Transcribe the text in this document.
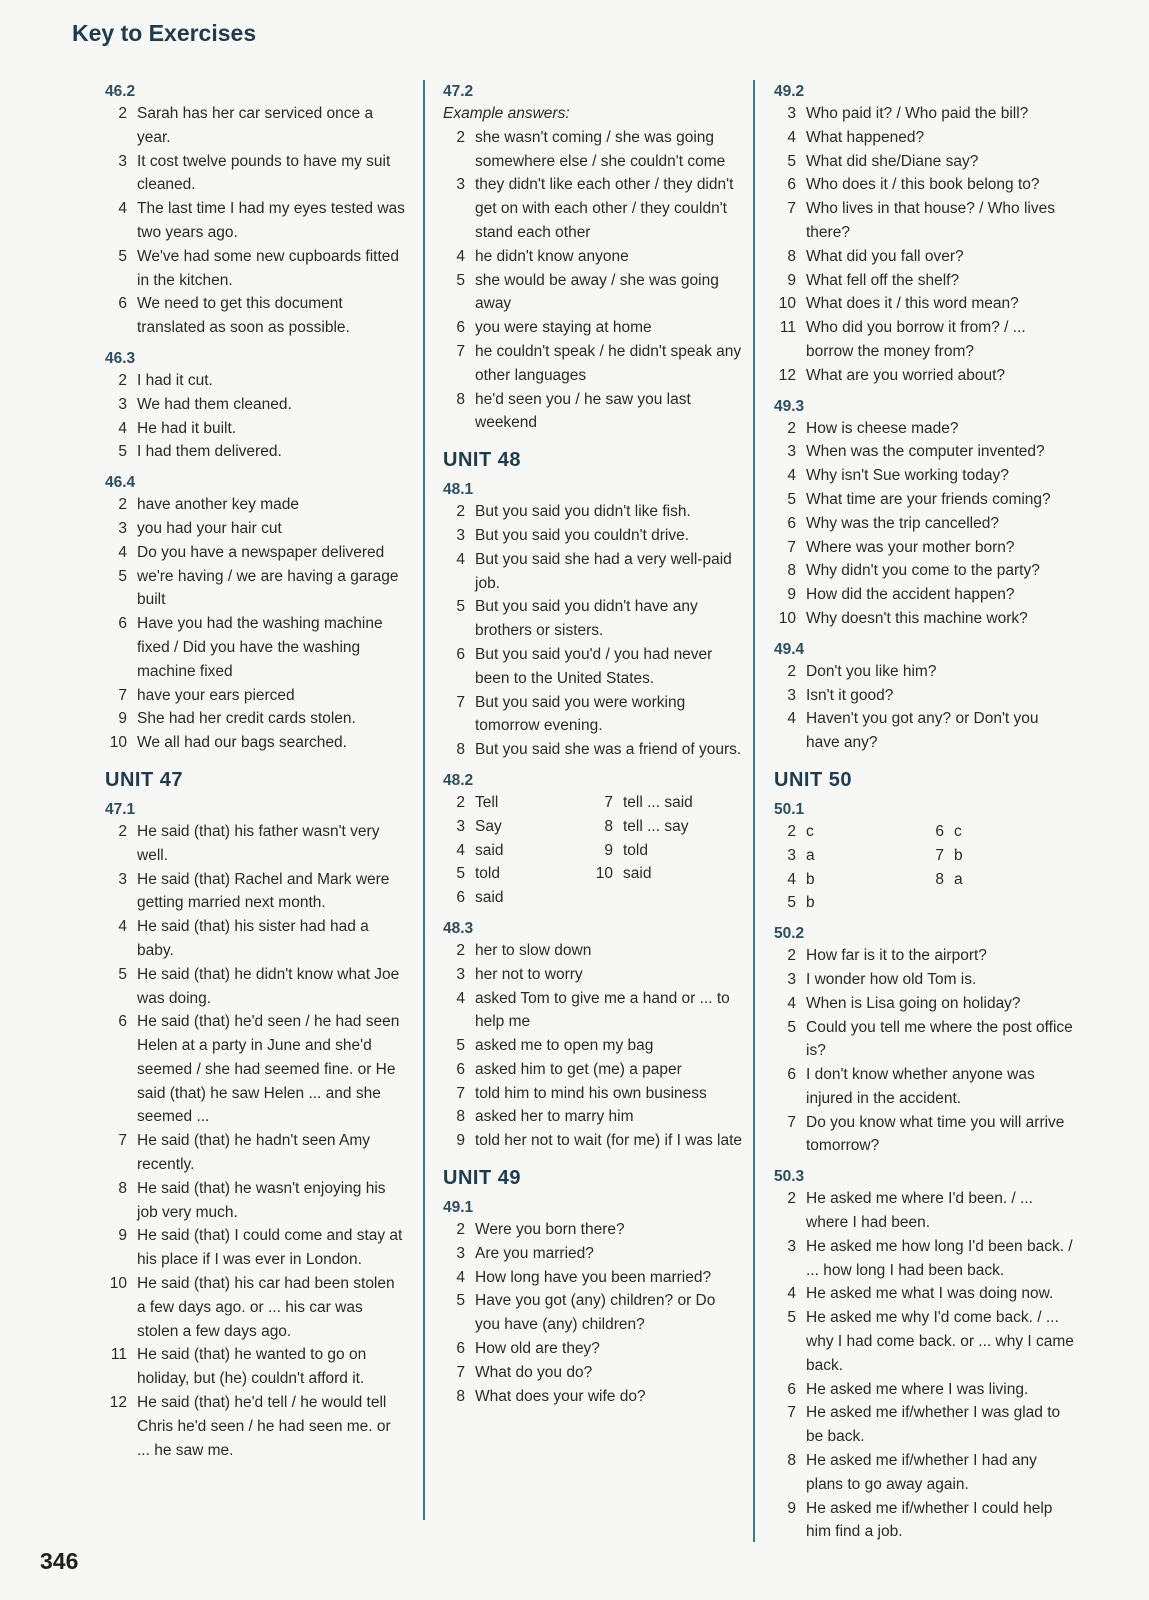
Key to Exercises
46.2
2 Sarah has her car serviced once a year.
3 It cost twelve pounds to have my suit cleaned.
4 The last time I had my eyes tested was two years ago.
5 We've had some new cupboards fitted in the kitchen.
6 We need to get this document translated as soon as possible.
46.3
2 I had it cut.
3 We had them cleaned.
4 He had it built.
5 I had them delivered.
46.4
2 have another key made
3 you had your hair cut
4 Do you have a newspaper delivered
5 we're having / we are having a garage built
6 Have you had the washing machine fixed / Did you have the washing machine fixed
7 have your ears pierced
9 She had her credit cards stolen.
10 We all had our bags searched.
UNIT 47
47.1
2 He said (that) his father wasn't very well.
3 He said (that) Rachel and Mark were getting married next month.
4 He said (that) his sister had had a baby.
5 He said (that) he didn't know what Joe was doing.
6 He said (that) he'd seen / he had seen Helen at a party in June and she'd seemed / she had seemed fine. or He said (that) he saw Helen ... and she seemed ...
7 He said (that) he hadn't seen Amy recently.
8 He said (that) he wasn't enjoying his job very much.
9 He said (that) I could come and stay at his place if I was ever in London.
10 He said (that) his car had been stolen a few days ago. or ... his car was stolen a few days ago.
11 He said (that) he wanted to go on holiday, but (he) couldn't afford it.
12 He said (that) he'd tell / he would tell Chris he'd seen / he had seen me. or ... he saw me.
47.2
Example answers:
2 she wasn't coming / she was going somewhere else / she couldn't come
3 they didn't like each other / they didn't get on with each other / they couldn't stand each other
4 he didn't know anyone
5 she would be away / she was going away
6 you were staying at home
7 he couldn't speak / he didn't speak any other languages
8 he'd seen you / he saw you last weekend
UNIT 48
48.1
2 But you said you didn't like fish.
3 But you said you couldn't drive.
4 But you said she had a very well-paid job.
5 But you said you didn't have any brothers or sisters.
6 But you said you'd / you had never been to the United States.
7 But you said you were working tomorrow evening.
8 But you said she was a friend of yours.
48.2
2 Tell
3 Say
4 said
5 told
6 said
7 tell ... said
8 tell ... say
9 told
10 said
48.3
2 her to slow down
3 her not to worry
4 asked Tom to give me a hand or ... to help me
5 asked me to open my bag
6 asked him to get (me) a paper
7 told him to mind his own business
8 asked her to marry him
9 told her not to wait (for me) if I was late
UNIT 49
49.1
2 Were you born there?
3 Are you married?
4 How long have you been married?
5 Have you got (any) children? or Do you have (any) children?
6 How old are they?
7 What do you do?
8 What does your wife do?
49.2
3 Who paid it? / Who paid the bill?
4 What happened?
5 What did she/Diane say?
6 Who does it / this book belong to?
7 Who lives in that house? / Who lives there?
8 What did you fall over?
9 What fell off the shelf?
10 What does it / this word mean?
11 Who did you borrow it from? / ... borrow the money from?
12 What are you worried about?
49.3
2 How is cheese made?
3 When was the computer invented?
4 Why isn't Sue working today?
5 What time are your friends coming?
6 Why was the trip cancelled?
7 Where was your mother born?
8 Why didn't you come to the party?
9 How did the accident happen?
10 Why doesn't this machine work?
49.4
2 Don't you like him?
3 Isn't it good?
4 Haven't you got any? or Don't you have any?
UNIT 50
50.1
2 c
3 a
4 b
5 b
6 c
7 b
8 a
50.2
2 How far is it to the airport?
3 I wonder how old Tom is.
4 When is Lisa going on holiday?
5 Could you tell me where the post office is?
6 I don't know whether anyone was injured in the accident.
7 Do you know what time you will arrive tomorrow?
50.3
2 He asked me where I'd been. / ... where I had been.
3 He asked me how long I'd been back. / ... how long I had been back.
4 He asked me what I was doing now.
5 He asked me why I'd come back. / ... why I had come back. or ... why I came back.
6 He asked me where I was living.
7 He asked me if/whether I was glad to be back.
8 He asked me if/whether I had any plans to go away again.
9 He asked me if/whether I could help him find a job.
346
